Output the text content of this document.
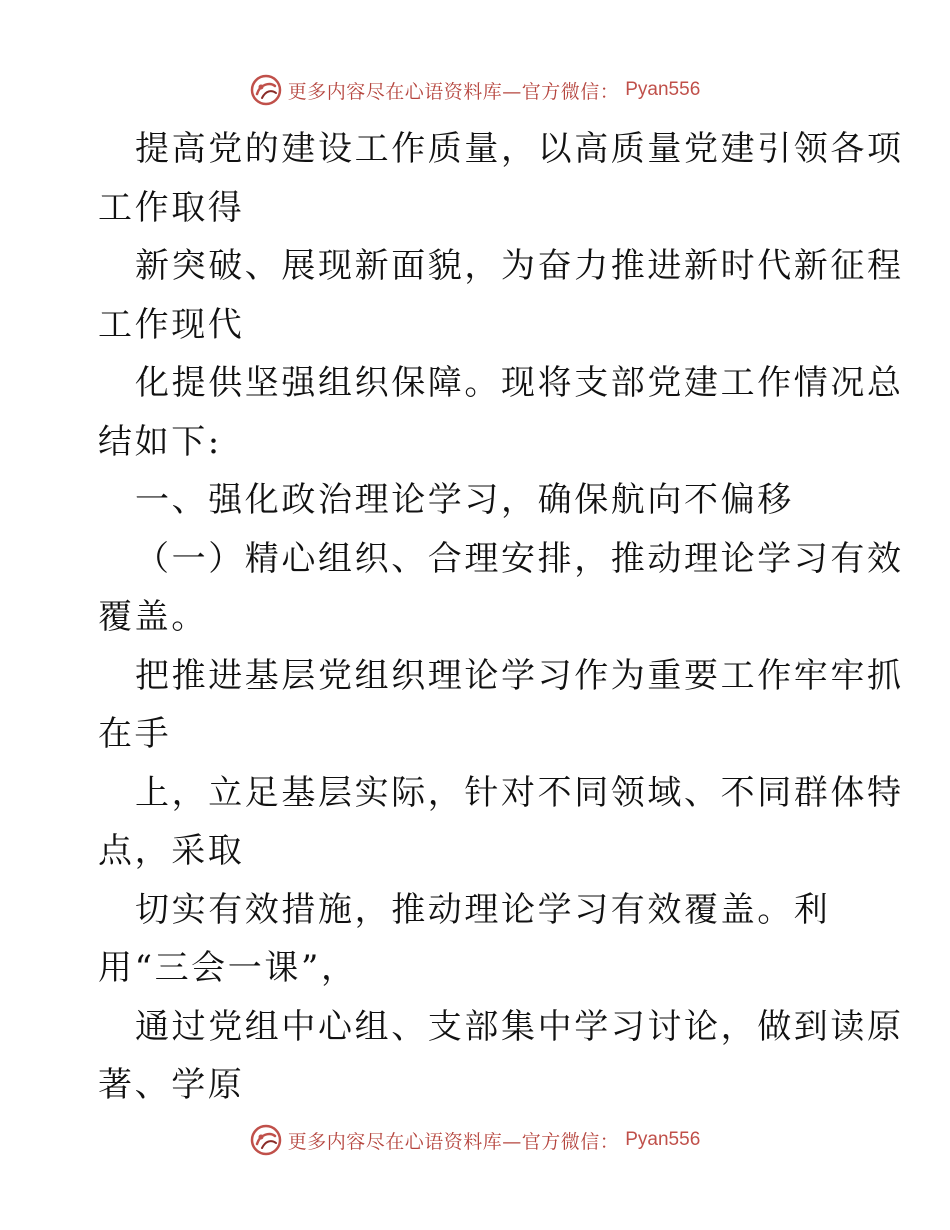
更多内容尽在心语资料库—官方微信： Pyan556
提高党的建设工作质量，以高质量党建引领各项
工作取得
新突破、展现新面貌，为奋力推进新时代新征程
工作现代
化提供坚强组织保障。现将支部党建工作情况总
结如下:
一、强化政治理论学习，确保航向不偏移
（一）精心组织、合理安排，推动理论学习有效
覆盖。
把推进基层党组织理论学习作为重要工作牢牢抓
在手
上，立足基层实际，针对不同领域、不同群体特
点，采取
切实有效措施，推动理论学习有效覆盖。利
用“三会一课”，
通过党组中心组、支部集中学习讨论，做到读原
著、学原
更多内容尽在心语资料库—官方微信： Pyan556
